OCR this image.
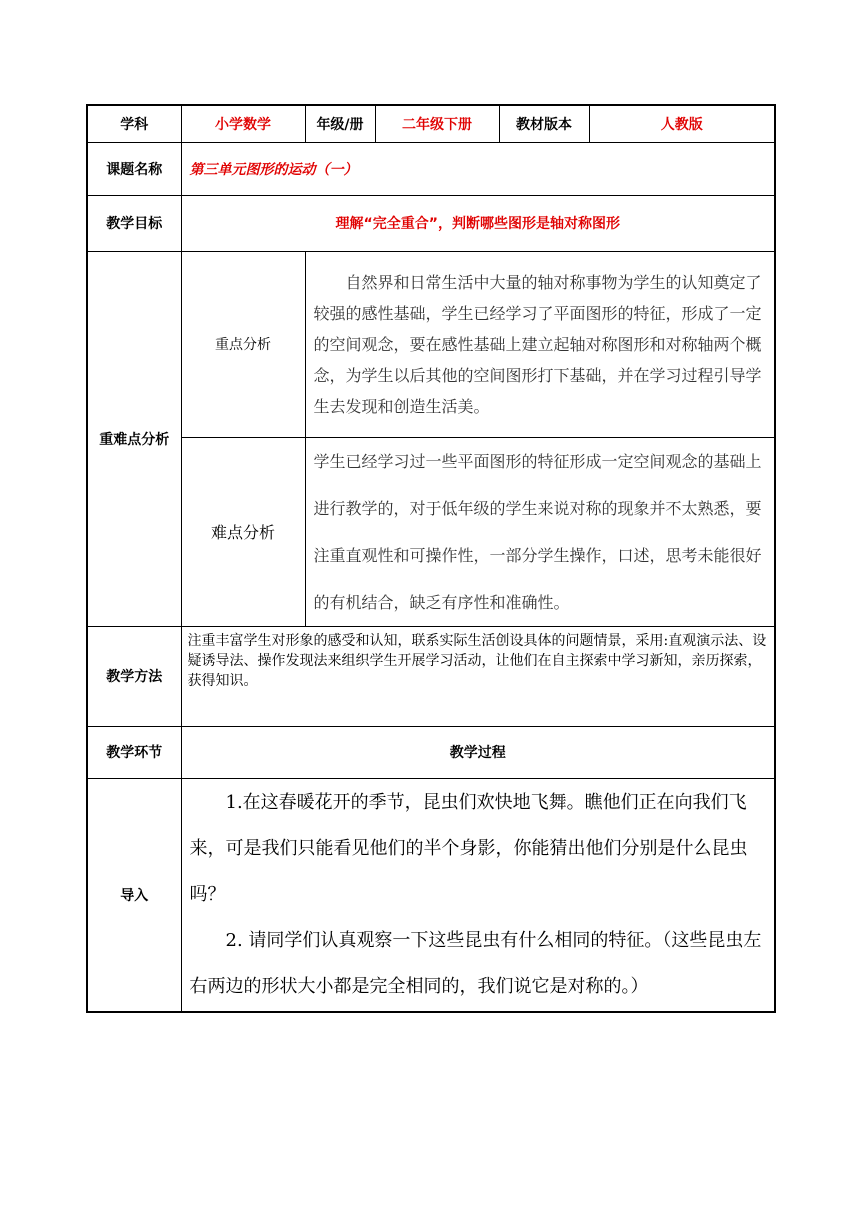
学科	小学数学	年级/册	二年级下册	教材版本	人教版
课题名称	第三单元图形的运动（一）				
教学目标	理解“完全重合”，判断哪些图形是轴对称图形				
重难点分析	重点分析	自然界和日常生活中大量的轴对称事物为学生的认知奠定了较强的感性基础，学生已经学习了平面图形的特征，形成了一定的空间观念，要在感性基础上建立起轴对称图形和对称轴两个概念，为学生以后其他的空间图形打下基础，并在学习过程引导学生去发现和创造生活美。			

	难点分析	学生已经学习过一些平面图形的特征形成一定空间观念的基础上进行教学的，对于低年级的学生来说对称的现象并不太熟悉，要注重直观性和可操作性，一部分学生操作，口述，思考未能很好的有机结合，缺乏有序性和准确性。			

教学方法	注重丰富学生对形象的感受和认知，联系实际生活创设具体的问题情景，采用:直观演示法、设疑诱导法、操作发现法来组织学生开展学习活动，让他们在自主探索中学习新知，亲历探索，获得知识。				
教学环节	教学过程				
导入	1.在这春暖花开的季节，昆虫们欢快地飞舞。瞧他们正在向我们飞来，可是我们只能看见他们的半个身影，你能猜出他们分别是什么昆虫吗？
2. 请同学们认真观察一下这些昆虫有什么相同的特征。（这些昆虫左右两边的形状大小都是完全相同的，我们说它是对称的。）				
